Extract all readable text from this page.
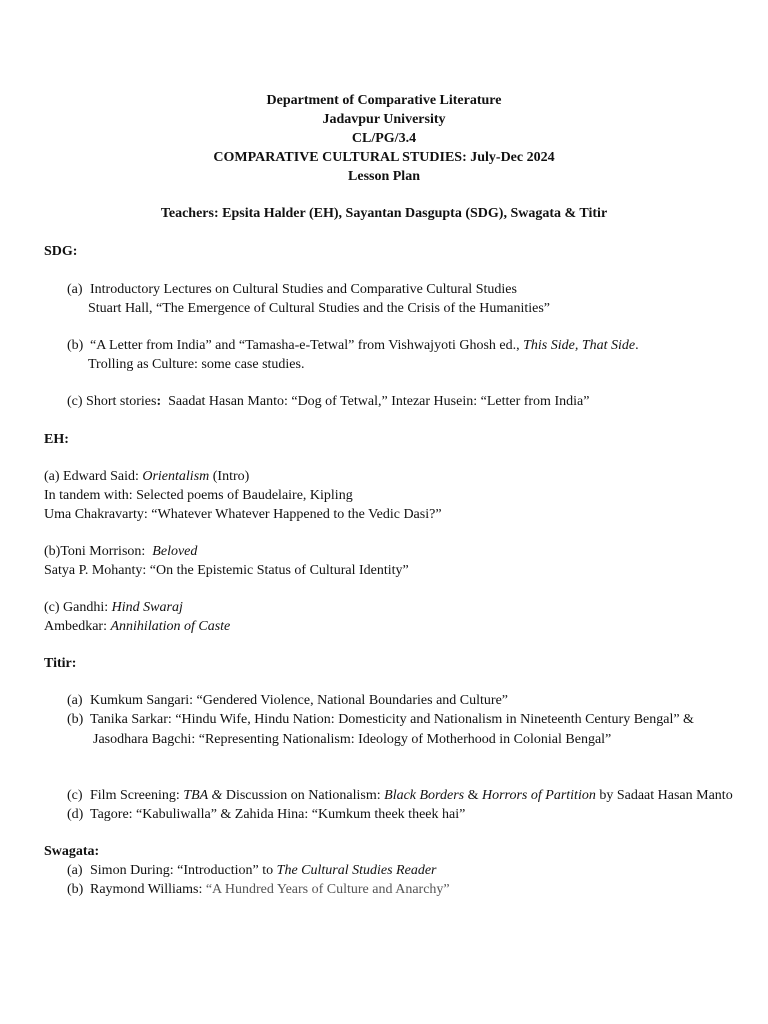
Department of Comparative Literature
Jadavpur University
CL/PG/3.4
COMPARATIVE CULTURAL STUDIES: July-Dec 2024
Lesson Plan
Teachers: Epsita Halder (EH), Sayantan Dasgupta (SDG), Swagata & Titir
SDG:
(a) Introductory Lectures on Cultural Studies and Comparative Cultural Studies
Stuart Hall, “The Emergence of Cultural Studies and the Crisis of the Humanities”
(b) “A Letter from India” and “Tamasha-e-Tetwal” from Vishwajyoti Ghosh ed., This Side, That Side.
Trolling as Culture: some case studies.
(c) Short stories: Saadat Hasan Manto: “Dog of Tetwal,” Intezar Husein: “Letter from India”
EH:
(a) Edward Said: Orientalism (Intro)
In tandem with: Selected poems of Baudelaire, Kipling
Uma Chakravarty: “Whatever Whatever Happened to the Vedic Dasi?”
(b)Toni Morrison:  Beloved
Satya P. Mohanty: “On the Epistemic Status of Cultural Identity”
(c) Gandhi: Hind Swaraj
Ambedkar: Annihilation of Caste
Titir:
(a) Kumkum Sangari: “Gendered Violence, National Boundaries and Culture”
(b) Tanika Sarkar: “Hindu Wife, Hindu Nation: Domesticity and Nationalism in Nineteenth Century Bengal” &
Jasodhara Bagchi: “Representing Nationalism: Ideology of Motherhood in Colonial Bengal”
(c) Film Screening: TBA & Discussion on Nationalism: Black Borders & Horrors of Partition by Sadaat Hasan Manto
(d) Tagore: “Kabuliwalla” & Zahida Hina: “Kumkum theek theek hai”
Swagata:
(a) Simon During: “Introduction” to The Cultural Studies Reader
(b) Raymond Williams: “A Hundred Years of Culture and Anarchy”
